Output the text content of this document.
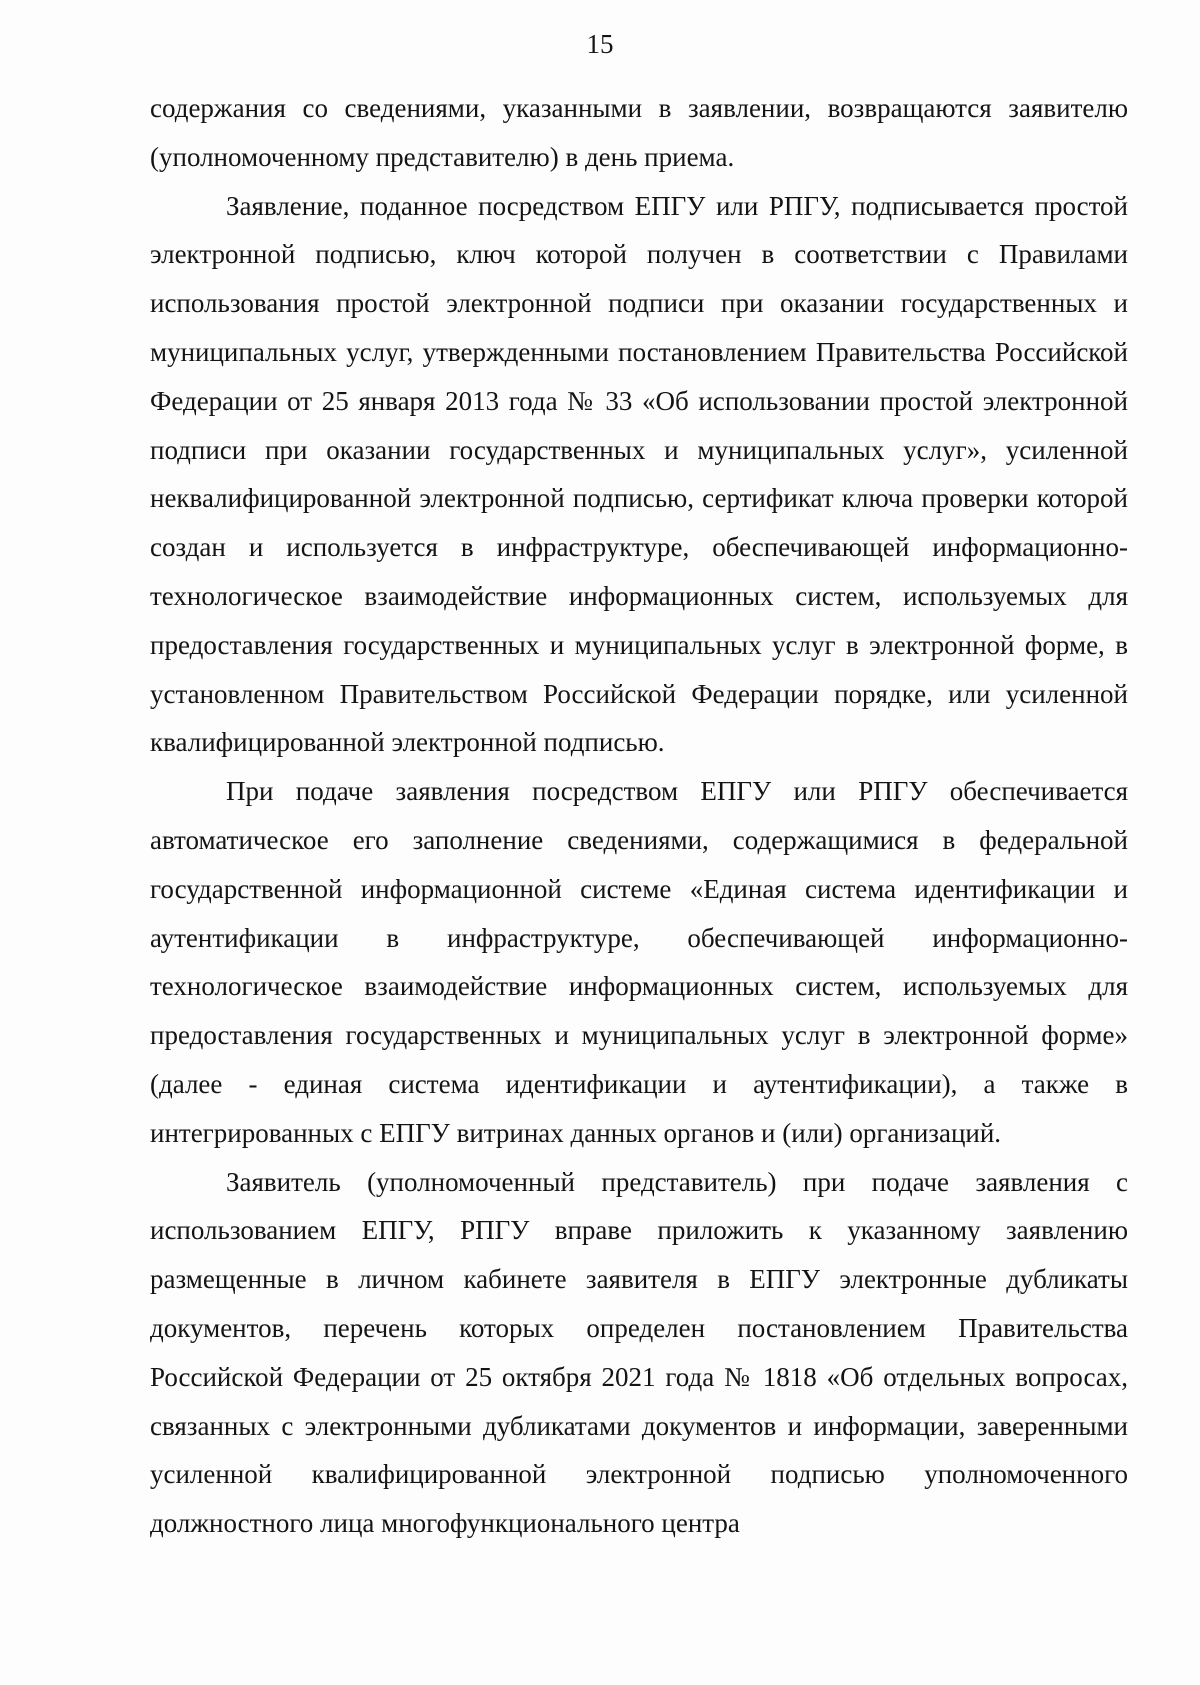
15

содержания со сведениями, указанными в заявлении, возвращаются заявителю (уполномоченному представителю) в день приема.

Заявление, поданное посредством ЕПГУ или РПГУ, подписывается простой электронной подписью, ключ которой получен в соответствии с Правилами использования простой электронной подписи при оказании государственных и муниципальных услуг, утвержденными постановлением Правительства Российской Федерации от 25 января 2013 года № 33 «Об использовании простой электронной подписи при оказании государственных и муниципальных услуг», усиленной неквалифицированной электронной подписью, сертификат ключа проверки которой создан и используется в инфраструктуре, обеспечивающей информационно-технологическое взаимодействие информационных систем, используемых для предоставления государственных и муниципальных услуг в электронной форме, в установленном Правительством Российской Федерации порядке, или усиленной квалифицированной электронной подписью.

При подаче заявления посредством ЕПГУ или РПГУ обеспечивается автоматическое его заполнение сведениями, содержащимися в федеральной государственной информационной системе «Единая система идентификации и аутентификации в инфраструктуре, обеспечивающей информационно-технологическое взаимодействие информационных систем, используемых для предоставления государственных и муниципальных услуг в электронной форме» (далее - единая система идентификации и аутентификации), а также в интегрированных с ЕПГУ витринах данных органов и (или) организаций.

Заявитель (уполномоченный представитель) при подаче заявления с использованием ЕПГУ, РПГУ вправе приложить к указанному заявлению размещенные в личном кабинете заявителя в ЕПГУ электронные дубликаты документов, перечень которых определен постановлением Правительства Российской Федерации от 25 октября 2021 года № 1818 «Об отдельных вопросах, связанных с электронными дубликатами документов и информации, заверенными усиленной квалифицированной электронной подписью уполномоченного должностного лица многофункционального центра
